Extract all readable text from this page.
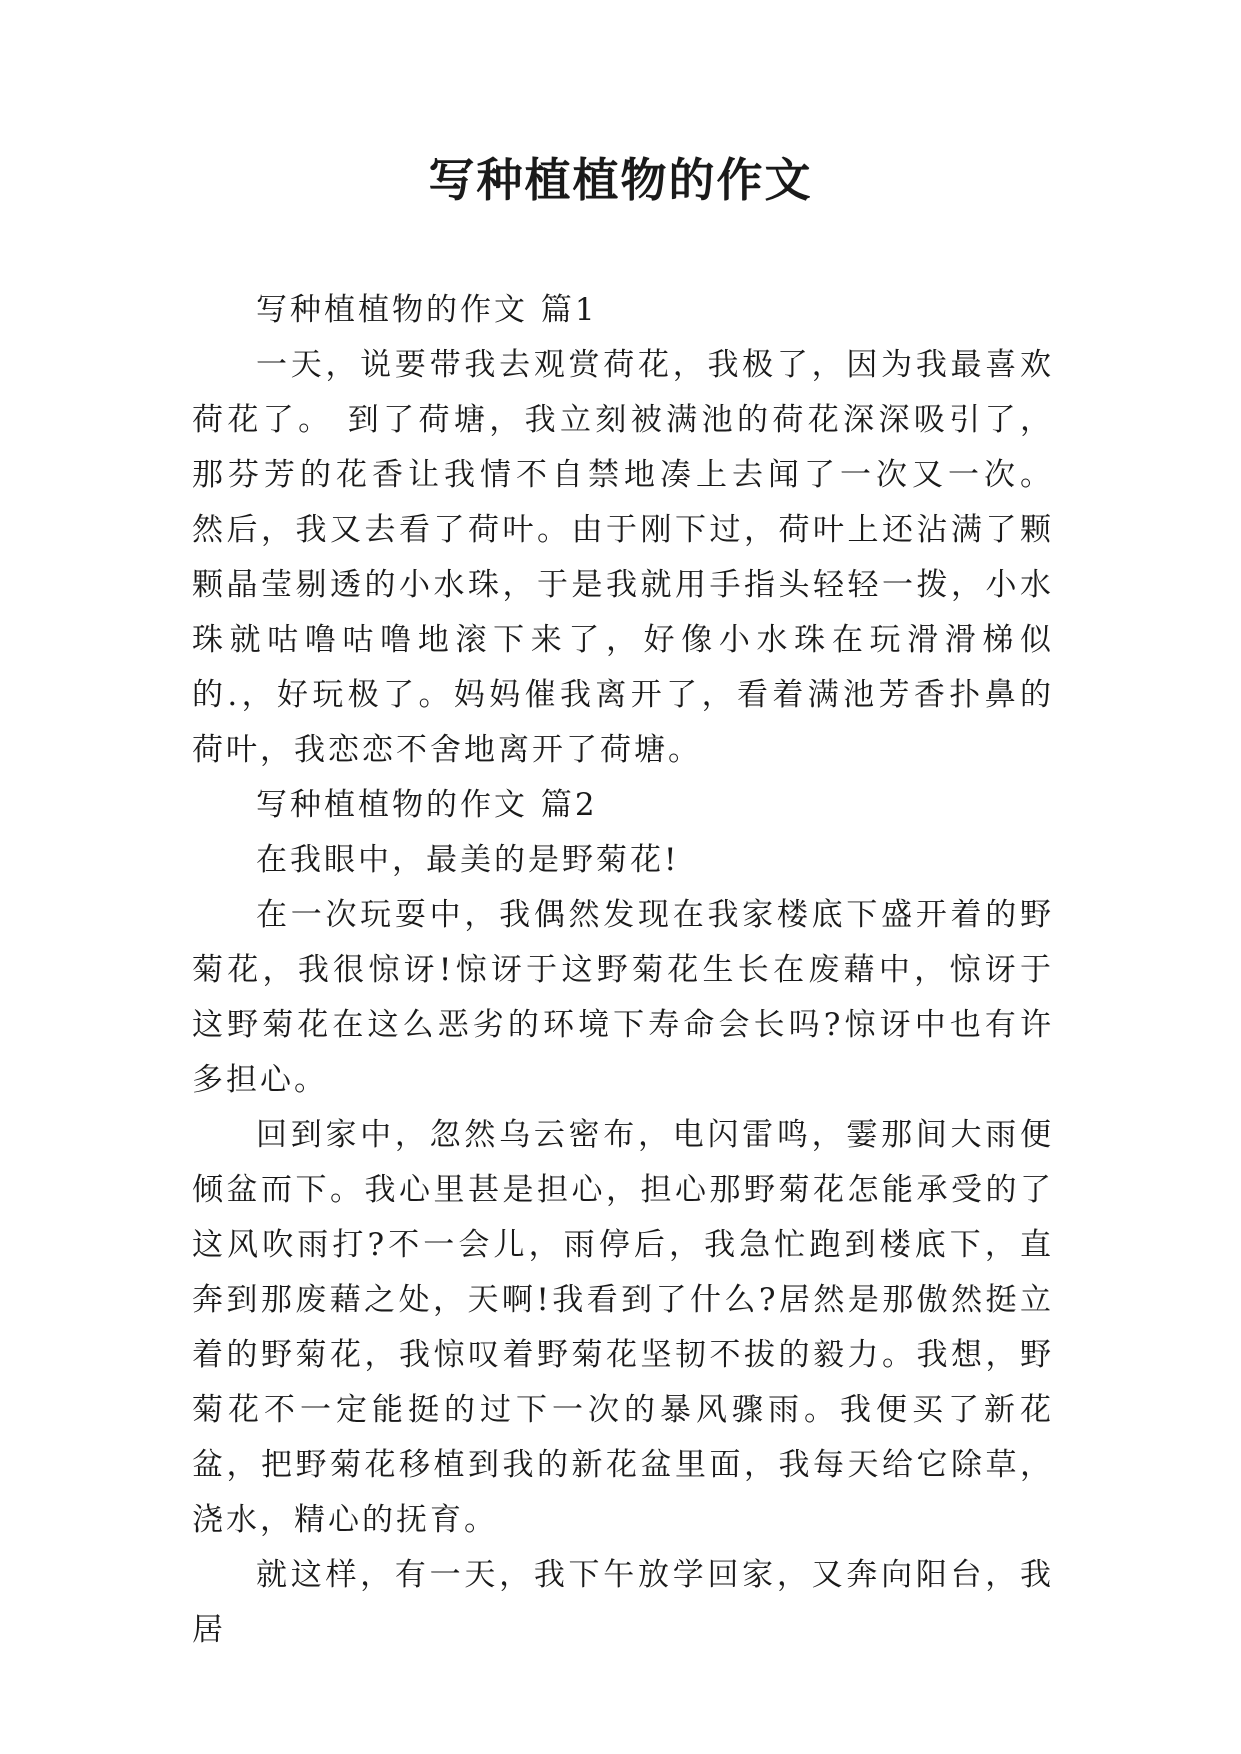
写种植植物的作文

写种植植物的作文 篇1

一天，说要带我去观赏荷花，我极了，因为我最喜欢荷花了。 到了荷塘，我立刻被满池的荷花深深吸引了，那芬芳的花香让我情不自禁地凑上去闻了一次又一次。 然后，我又去看了荷叶。由于刚下过，荷叶上还沾满了颗颗晶莹剔透的小水珠，于是我就用手指头轻轻一拨，小水珠就咕噜咕噜地滚下来了，好像小水珠在玩滑滑梯似的.，好玩极了。妈妈催我离开了，看着满池芳香扑鼻的荷叶，我恋恋不舍地离开了荷塘。

写种植植物的作文 篇2

在我眼中，最美的是野菊花!

在一次玩耍中，我偶然发现在我家楼底下盛开着的野菊花，我很惊讶!惊讶于这野菊花生长在废藉中，惊讶于这野菊花在这么恶劣的环境下寿命会长吗?惊讶中也有许多担心。

回到家中，忽然乌云密布，电闪雷鸣，霎那间大雨便倾盆而下。我心里甚是担心，担心那野菊花怎能承受的了这风吹雨打?不一会儿，雨停后，我急忙跑到楼底下，直奔到那废藉之处，天啊!我看到了什么?居然是那傲然挺立着的野菊花，我惊叹着野菊花坚韧不拔的毅力。我想，野菊花不一定能挺的过下一次的暴风骤雨。我便买了新花盆，把野菊花移植到我的新花盆里面，我每天给它除草，浇水，精心的抚育。

就这样，有一天，我下午放学回家，又奔向阳台，我居
